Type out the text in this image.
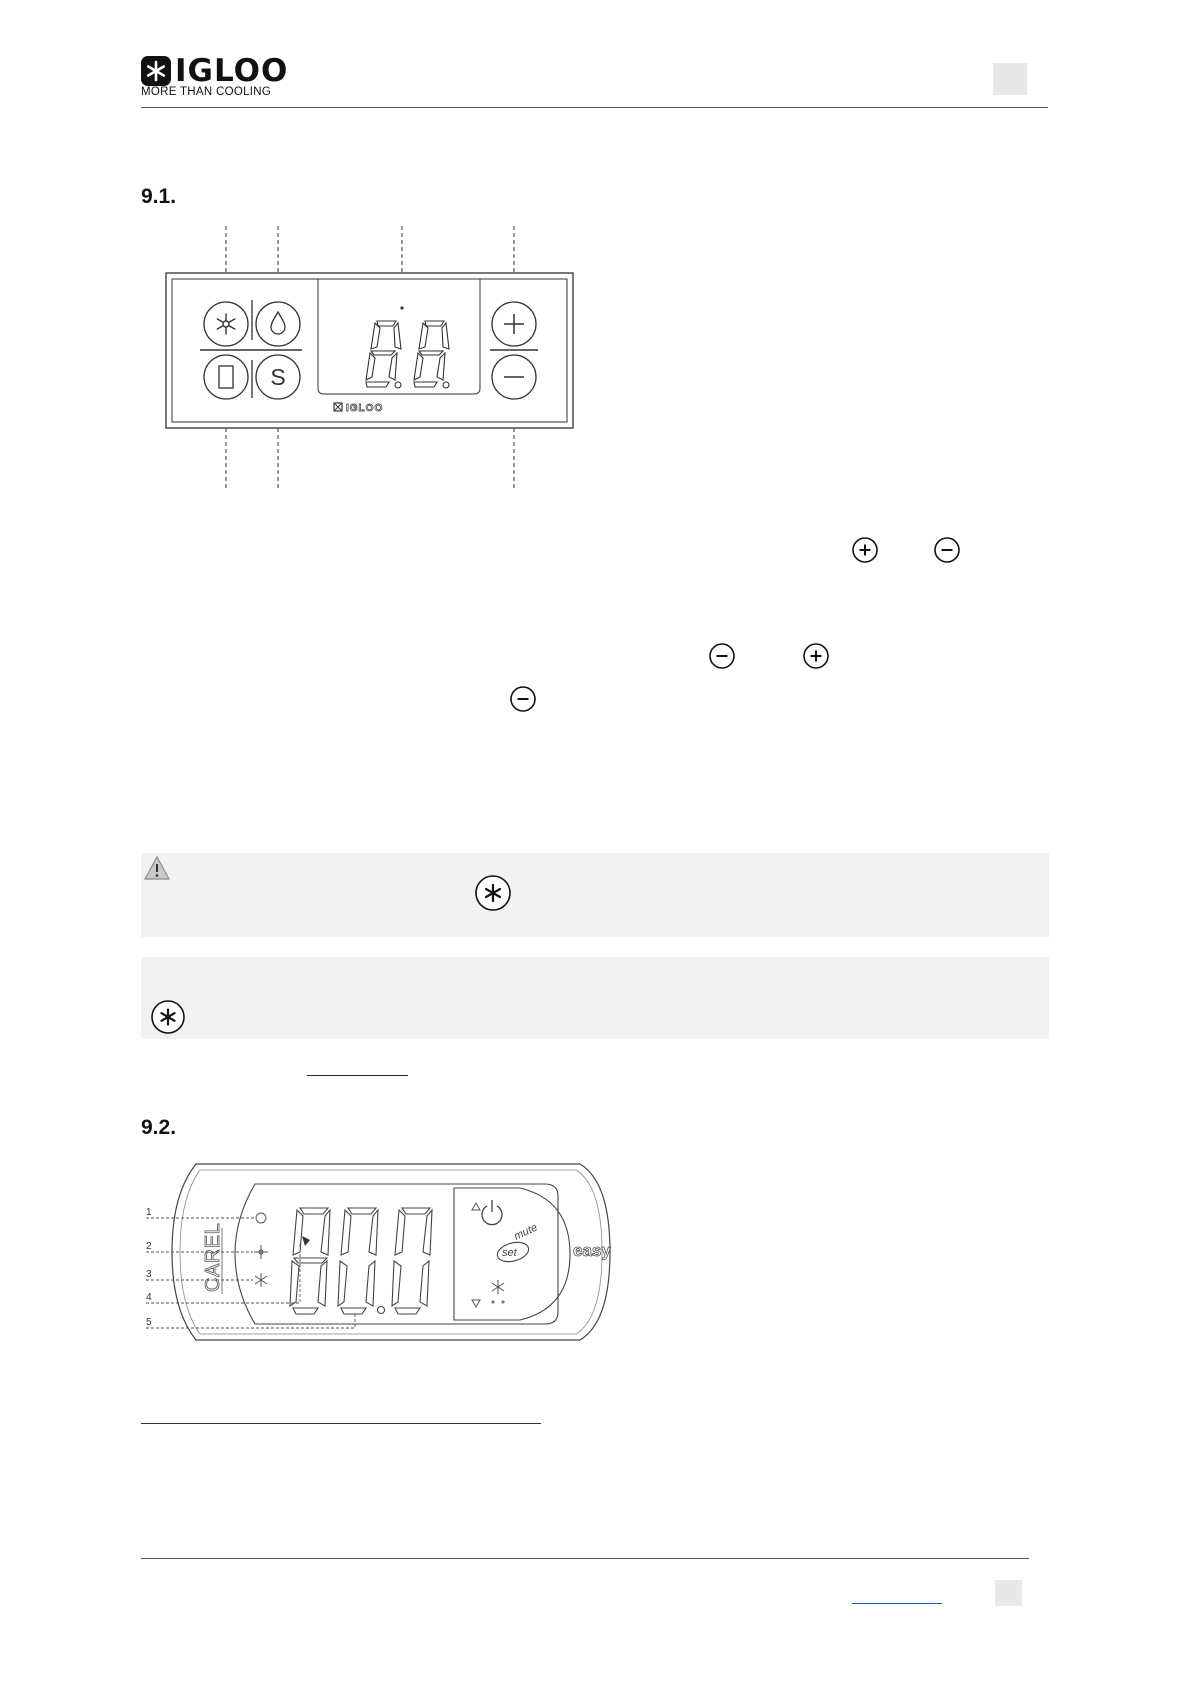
IGLOO
MORE THAN COOLING
9.1.
IGLOO
S
9.2.
CAREL	easy
set
mute
1
2
3
4
5
